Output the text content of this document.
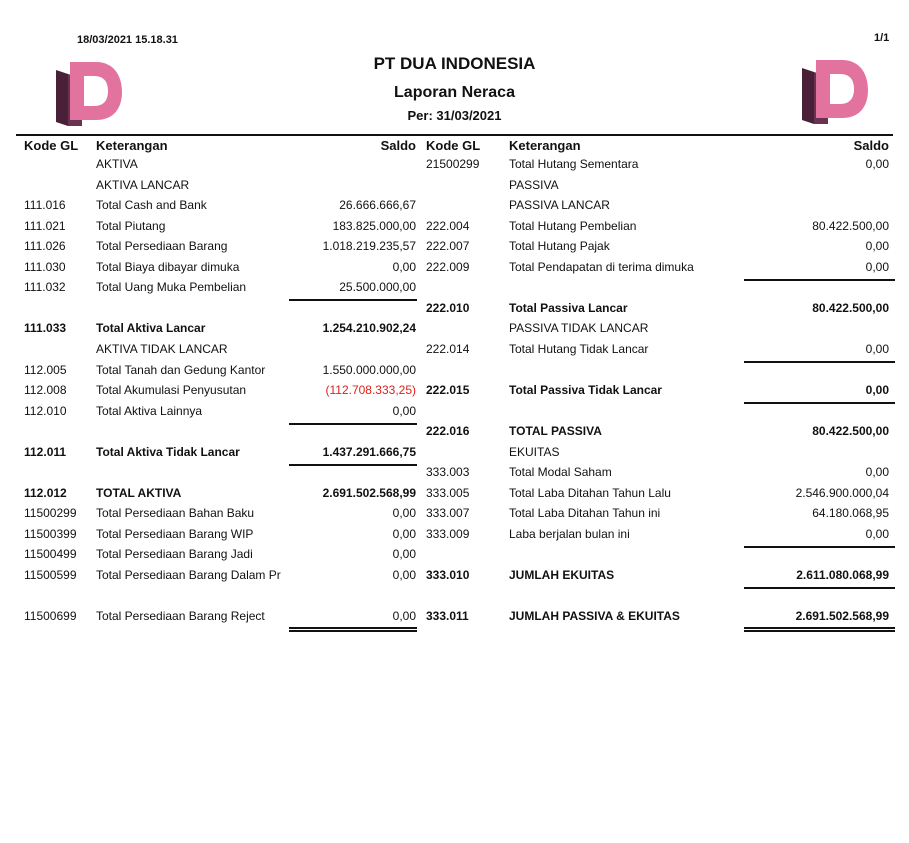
18/03/2021 15.18.31	1/1
PT DUA INDONESIA
Laporan Neraca
Per: 31/03/2021
Kode GL Keterangan	Saldo Kode GL Keterangan	Saldo
AKTIVA
AKTIVA LANCAR
111.016	Total Cash and Bank	26.666.666,67
111.021	Total Piutang	183.825.000,00
111.026	Total Persediaan Barang	1.018.219.235,57
111.030	Total Biaya dibayar dimuka	0,00
111.032	Total Uang Muka Pembelian	25.500.000,00
111.033 Total Aktiva Lancar	1.254.210.902,24
AKTIVA TIDAK LANCAR
112.005 Total Tanah dan Gedung Kantor	1.550.000.000,00
112.008 Total Akumulasi Penyusutan	(112.708.333,25)
112.010 Total Aktiva Lainnya	0,00
112.011 Total Aktiva Tidak Lancar	1.437.291.666,75
112.012 TOTAL AKTIVA	2.691.502.568,99
11500299 Total Persediaan Bahan Baku	0,00
11500399 Total Persediaan Barang WIP	0,00
11500499 Total Persediaan Barang Jadi	0,00
11500599 Total Persediaan Barang Dalam Pr	0,00
11500699 Total Persediaan Barang Reject	0,00
21500299 Total Hutang Sementara	0,00
PASSIVA
PASSIVA LANCAR
222.004	Total Hutang Pembelian	80.422.500,00
222.007	Total Hutang Pajak	0,00
222.009	Total Pendapatan di terima dimuka	0,00
222.010	Total Passiva Lancar	80.422.500,00
PASSIVA TIDAK LANCAR
222.014	Total Hutang Tidak Lancar	0,00
222.015	Total Passiva Tidak Lancar	0,00
222.016	TOTAL PASSIVA	80.422.500,00
EKUITAS
333.003	Total Modal Saham	0,00
333.005	Total Laba Ditahan Tahun Lalu	2.546.900.000,04
333.007	Total Laba Ditahan Tahun ini	64.180.068,95
333.009	Laba berjalan bulan ini	0,00
333.010	JUMLAH EKUITAS	2.611.080.068,99
333.011	JUMLAH PASSIVA & EKUITAS	2.691.502.568,99
